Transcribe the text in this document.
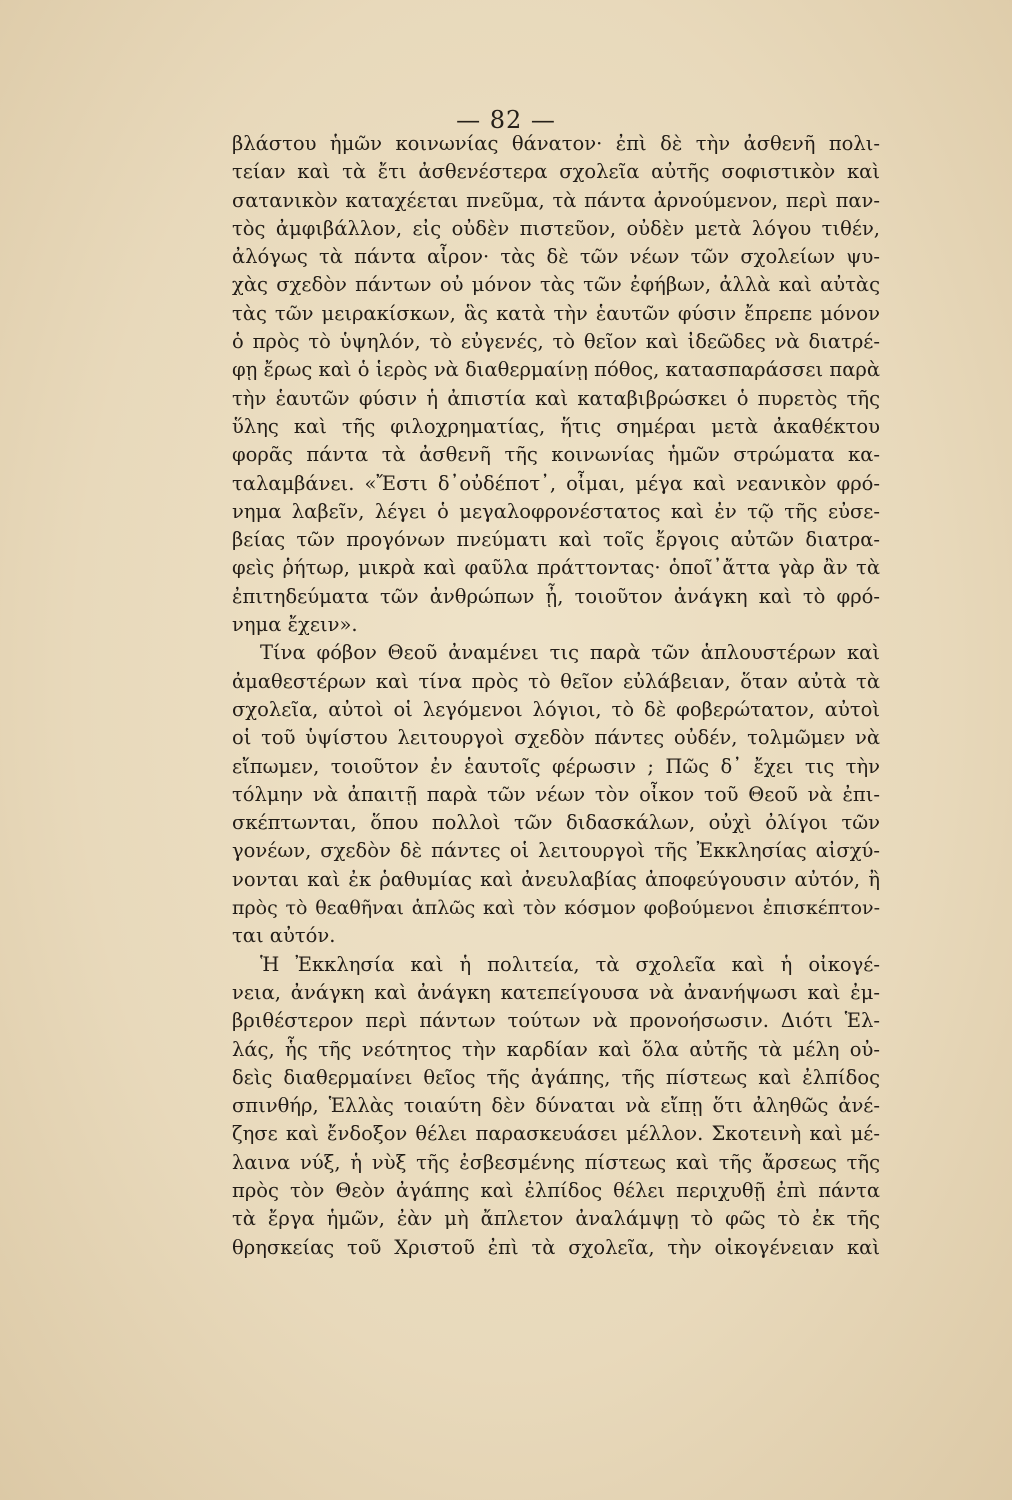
— 82 —
βλάστου ἡμῶν κοινωνίας θάνατον· ἐπὶ δὲ τὴν ἀσθενῆ πολι-
τείαν καὶ τὰ ἔτι ἀσθενέστερα σχολεῖα αὐτῆς σοφιστικὸν καὶ
σατανικὸν καταχέεται πνεῦμα, τὰ πάντα ἀρνούμενον, περὶ παν-
τὸς ἀμφιβάλλον, εἰς οὐδὲν πιστεῦον, οὐδὲν μετὰ λόγου τιθέν,
ἀλόγως τὰ πάντα αἶρον· τὰς δὲ τῶν νέων τῶν σχολείων ψυ-
χὰς σχεδὸν πάντων οὐ μόνον τὰς τῶν ἐφήβων, ἀλλὰ καὶ αὐτὰς
τὰς τῶν μειρακίσκων, ἃς κατὰ τὴν ἑαυτῶν φύσιν ἔπρεπε μόνον
ὁ πρὸς τὸ ὑψηλόν, τὸ εὐγενές, τὸ θεῖον καὶ ἰδεῶδες νὰ διατρέ-
φῃ ἔρως καὶ ὁ ἱερὸς νὰ διαθερμαίνῃ πόθος, κατασπαράσσει παρὰ
τὴν ἑαυτῶν φύσιν ἡ ἀπιστία καὶ καταβιβρώσκει ὁ πυρετὸς τῆς
ὕλης καὶ τῆς φιλοχρηματίας, ἥτις σημέραι μετὰ ἀκαθέκτου
φορᾶς πάντα τὰ ἀσθενῆ τῆς κοινωνίας ἡμῶν στρώματα κα-
ταλαμβάνει. «Ἔστι δ᾽οὐδέποτ᾽, οἶμαι, μέγα καὶ νεανικὸν φρό-
νημα λαβεῖν, λέγει ὁ μεγαλοφρονέστατος καὶ ἐν τῷ τῆς εὐσε-
βείας τῶν προγόνων πνεύματι καὶ τοῖς ἔργοις αὐτῶν διατρα-
φεὶς ῥήτωρ, μικρὰ καὶ φαῦλα πράττοντας· ὁποῖ᾽ἄττα γὰρ ἂν τὰ
ἐπιτηδεύματα τῶν ἀνθρώπων ᾖ, τοιοῦτον ἀνάγκη καὶ τὸ φρό-
νημα ἔχειν».
Τίνα φόβον Θεοῦ ἀναμένει τις παρὰ τῶν ἁπλουστέρων καὶ
ἀμαθεστέρων καὶ τίνα πρὸς τὸ θεῖον εὐλάβειαν, ὅταν αὐτὰ τὰ
σχολεῖα, αὐτοὶ οἱ λεγόμενοι λόγιοι, τὸ δὲ φοβερώτατον, αὐτοὶ
οἱ τοῦ ὑψίστου λειτουργοὶ σχεδὸν πάντες οὐδέν, τολμῶμεν νὰ
εἴπωμεν, τοιοῦτον ἐν ἑαυτοῖς φέρωσιν ; Πῶς δ᾽ ἔχει τις τὴν
τόλμην νὰ ἀπαιτῇ παρὰ τῶν νέων τὸν οἶκον τοῦ Θεοῦ νὰ ἐπι-
σκέπτωνται, ὅπου πολλοὶ τῶν διδασκάλων, οὐχὶ ὀλίγοι τῶν
γονέων, σχεδὸν δὲ πάντες οἱ λειτουργοὶ τῆς Ἐκκλησίας αἰσχύ-
νονται καὶ ἐκ ῥαθυμίας καὶ ἀνευλαβίας ἀποφεύγουσιν αὐτόν, ἢ
πρὸς τὸ θεαθῆναι ἁπλῶς καὶ τὸν κόσμον φοβούμενοι ἐπισκέπτον-
ται αὐτόν.
Ἡ Ἐκκλησία καὶ ἡ πολιτεία, τὰ σχολεῖα καὶ ἡ οἰκογέ-
νεια, ἀνάγκη καὶ ἀνάγκη κατεπείγουσα νὰ ἀνανήψωσι καὶ ἐμ-
βριθέστερον περὶ πάντων τούτων νὰ προνοήσωσιν. Διότι Ἑλ-
λάς, ἧς τῆς νεότητος τὴν καρδίαν καὶ ὅλα αὐτῆς τὰ μέλη οὐ-
δεὶς διαθερμαίνει θεῖος τῆς ἀγάπης, τῆς πίστεως καὶ ἐλπίδος
σπινθήρ, Ἑλλὰς τοιαύτη δὲν δύναται νὰ εἴπῃ ὅτι ἀληθῶς ἀνέ-
ζησε καὶ ἔνδοξον θέλει παρασκευάσει μέλλον. Σκοτεινὴ καὶ μέ-
λαινα νύξ, ἡ νὺξ τῆς ἐσβεσμένης πίστεως καὶ τῆς ἄρσεως τῆς
πρὸς τὸν Θεὸν ἀγάπης καὶ ἐλπίδος θέλει περιχυθῇ ἐπὶ πάντα
τὰ ἔργα ἡμῶν, ἐὰν μὴ ἄπλετον ἀναλάμψῃ τὸ φῶς τὸ ἐκ τῆς
θρησκείας τοῦ Χριστοῦ ἐπὶ τὰ σχολεῖα, τὴν οἰκογένειαν καὶ
